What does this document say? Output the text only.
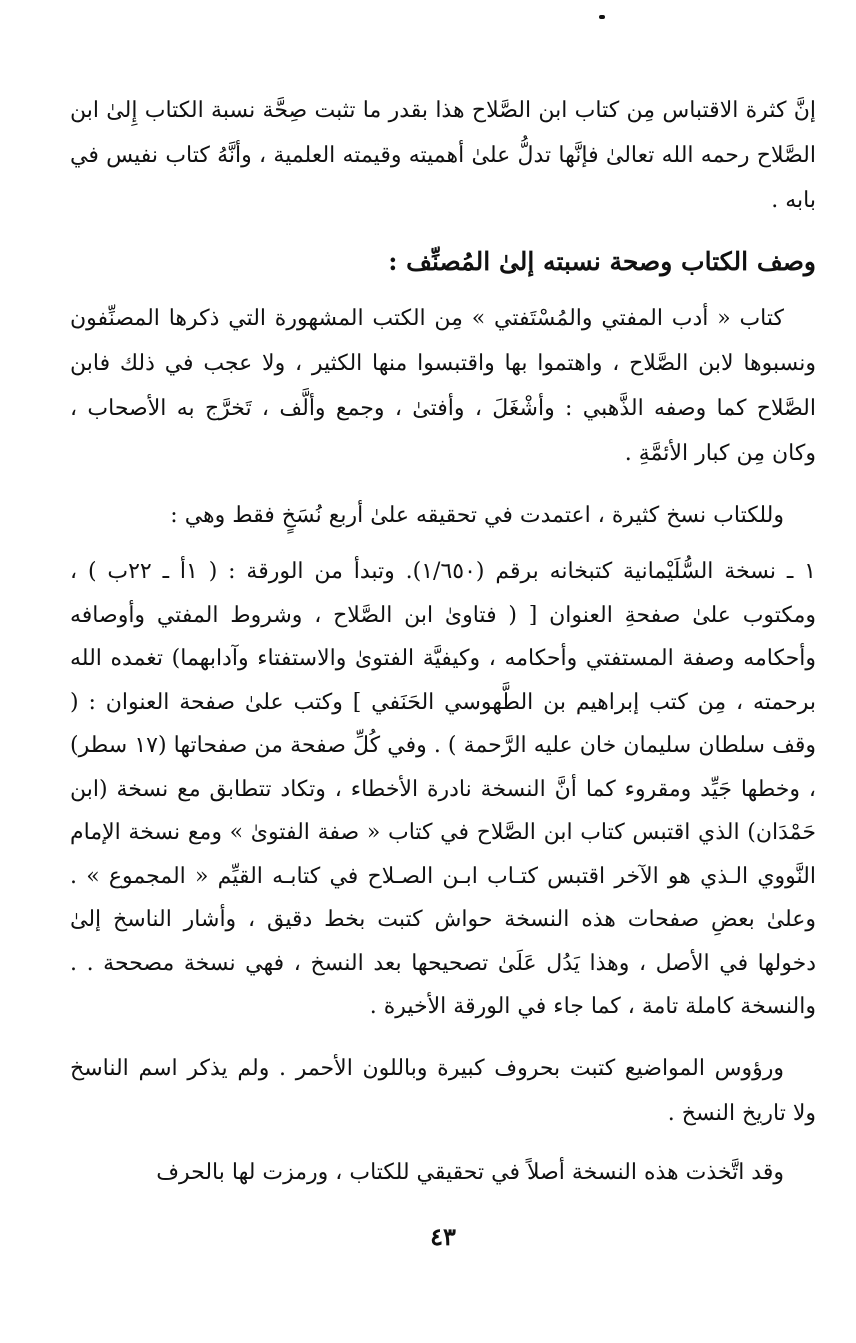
إنَّ كثرة الاقتباس مِن كتاب ابن الصَّلاح هذا بقدر ما تثبت صِحَّة نسبة الكتاب إِلىٰ ابن الصَّلاح رحمه الله تعالىٰ فإنَّها تدلُّ علىٰ أهميته وقيمته العلمية ، وأنَّهُ كتاب نفيس في بابه .

وصف الكتاب وصحة نسبته إلىٰ المُصنِّف :

كتاب « أدب المفتي والمُسْتَفتي » مِن الكتب المشهورة التي ذكرها المصنِّفون ونسبوها لابن الصَّلاح ، واهتموا بها واقتبسوا منها الكثير ، ولا عجب في ذلك فابن الصَّلاح كما وصفه الذَّهبي : وأشْغَلَ ، وأفتىٰ ، وجمع وألَّف ، تَخرَّج به الأصحاب ، وكان مِن كبار الأئمَّةِ .

وللكتاب نسخ كثيرة ، اعتمدت في تحقيقه علىٰ أربع نُسَخٍ فقط وهي :

١ ـ نسخة السُّلَيْمانية كتبخانه برقم (١/٦٥٠). وتبدأ من الورقة : ( ١أ ـ ٢٢ب ) ، ومكتوب علىٰ صفحةِ العنوان [ ( فتاوىٰ ابن الصَّلاح ، وشروط المفتي وأوصافه وأحكامه وصفة المستفتي وأحكامه ، وكيفيَّة الفتوىٰ والاستفتاء وآدابهما) تغمده الله برحمته ، مِن كتب إبراهيم بن الطَّهوسي الحَنَفي ] وكتب علىٰ صفحة العنوان : ( وقف سلطان سليمان خان عليه الرَّحمة ) . وفي كُلِّ صفحة من صفحاتها (١٧ سطر) ، وخطها جَيِّد ومقروء كما أنَّ النسخة نادرة الأخطاء ، وتكاد تتطابق مع نسخة (ابن حَمْدَان) الذي اقتبس كتاب ابن الصَّلاح في كتاب « صفة الفتوىٰ » ومع نسخة الإمام النَّووي الـذي هو الآخر اقتبس كتـاب ابـن الصـلاح في كتابـه القيِّم « المجموع » . وعلىٰ بعضِ صفحات هذه النسخة حواش كتبت بخط دقيق ، وأشار الناسخ إلىٰ دخولها في الأصل ، وهذا يَدُل عَلَىٰ تصحيحها بعد النسخ ، فهي نسخة مصححة . . والنسخة كاملة تامة ، كما جاء في الورقة الأخيرة .

ورؤوس المواضيع كتبت بحروف كبيرة وباللون الأحمر . ولم يذكر اسم الناسخ ولا تاريخ النسخ .

وقد اتَّخذت هذه النسخة أصلاً في تحقيقي للكتاب ، ورمزت لها بالحرف

٤٣
